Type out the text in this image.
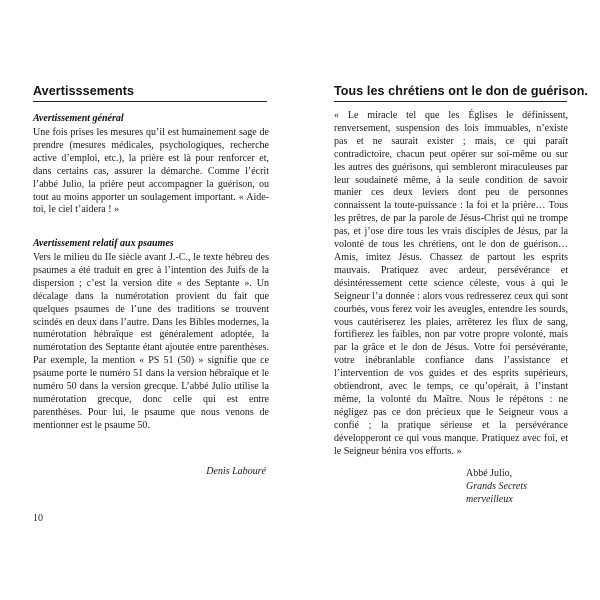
Avertisssements
Avertissement général

Une fois prises les mesures qu’il est humainement sage de prendre (mesures médicales, psychologiques, recherche active d’emploi, etc.), la prière est là pour renforcer et, dans certains cas, assurer la démarche. Comme l’écrit l’abbé Julio, la prière peut accompagner la guérison, ou tout au moins apporter un soulagement important. « Aide-toi, le ciel t’aidera ! »

Avertissement relatif aux psaumes

Vers le milieu du IIe siècle avant J.-C., le texte hébreu des psaumes a été traduit en grec à l’intention des Juifs de la dispersion ; c’est la version dite « des Septante ». Un décalage dans la numérotation provient du fait que quelques psaumes de l’une des traditions se trouvent scindés en deux dans l’autre. Dans les Bibles modernes, la numérotation hébraïque est généralement adoptée, la numérotation des Septante étant ajoutée entre parenthèses. Par exemple, la mention « PS 51 (50) » signifie que ce psaume porte le numéro 51 dans la version hébraïque et le numéro 50 dans la version grecque. L’abbé Julio utilise la numérotation grecque, donc celle qui est entre parenthèses. Pour lui, le psaume que nous venons de mentionner est le psaume 50.

Denis Labouré
10
Tous les chrétiens ont le don de guérison.

« Le miracle tel que les Églises le définissent, renversement, suspension des lois immuables, n’existe pas et ne saurait exister ; mais, ce qui paraît contradictoire, chacun peut opérer sur soi-même ou sur les autres des guérisons, qui sembleront miraculeuses par leur soudaineté même, à la seule condition de savoir manier ces deux leviers dont peu de personnes connaissent la toute-puissance : la foi et la prière… Tous les prêtres, de par la parole de Jésus-Christ qui ne trompe pas, et j’ose dire tous les vrais disciples de Jésus, par la volonté de tous les chrétiens, ont le don de guérison… Amis, imitez Jésus. Chassez de partout les esprits mauvais. Pratiquez avec ardeur, persévérance et désintéressement cette science céleste, vous à qui le Seigneur l’a donnée : alors vous redresserez ceux qui sont courbés, vous ferez voir les aveugles, entendre les sourds, vous cautériserez les plaies, arrêterez les flux de sang, fortifierez les faibles, non par votre propre volonté, mais par la grâce et le don de Jésus. Votre foi persévérante, votre inébranlable confiance dans l’assistance et l’intervention de vos guides et des esprits supérieurs, obtiendront, avec le temps, ce qu’opérait, à l’instant même, la volonté du Maître. Nous le répétons : ne négligez pas ce don précieux que le Seigneur vous a confié ; la pratique sérieuse et la persévérance développeront ce qui vous manque. Pratiquez avec foi, et le Seigneur bénira vos efforts. »

Abbé Julio,
Grands Secrets merveilleux
